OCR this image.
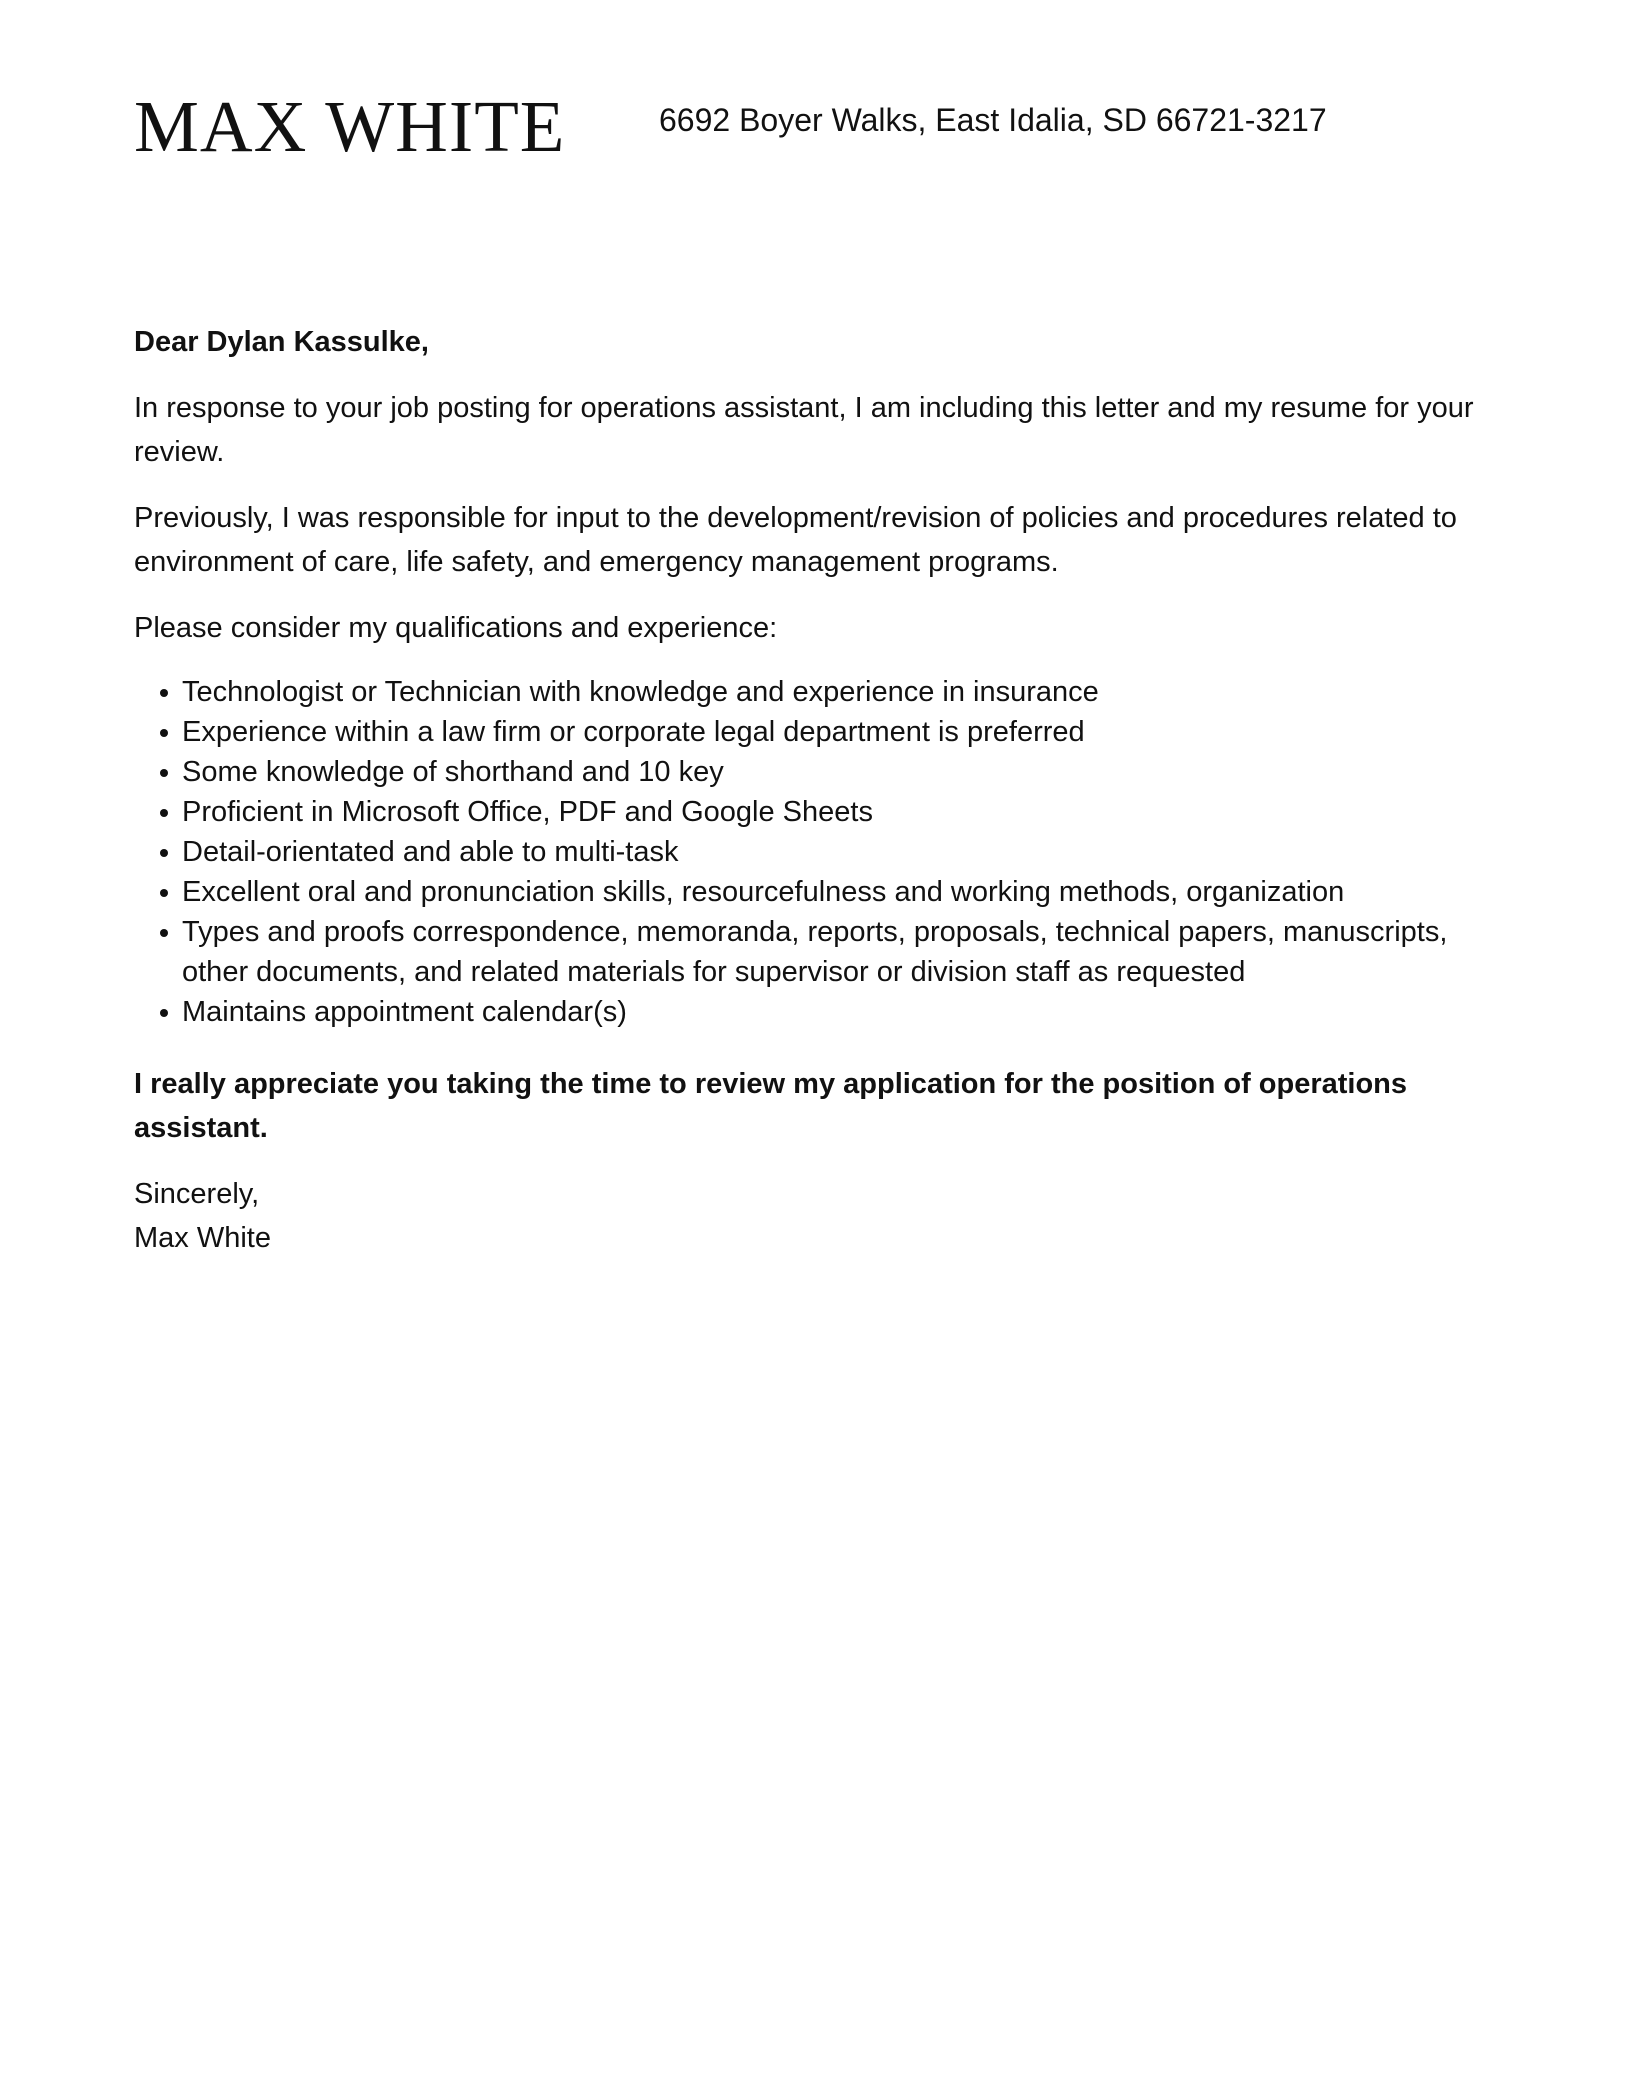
MAX WHITE	6692 Boyer Walks, East Idalia, SD 66721-3217

Dear Dylan Kassulke,

In response to your job posting for operations assistant, I am including this letter and my resume for your review.

Previously, I was responsible for input to the development/revision of policies and procedures related to environment of care, life safety, and emergency management programs.

Please consider my qualifications and experience:

Technologist or Technician with knowledge and experience in insurance
Experience within a law firm or corporate legal department is preferred
Some knowledge of shorthand and 10 key
Proficient in Microsoft Office, PDF and Google Sheets
Detail-orientated and able to multi-task
Excellent oral and pronunciation skills, resourcefulness and working methods, organization
Types and proofs correspondence, memoranda, reports, proposals, technical papers, manuscripts, other documents, and related materials for supervisor or division staff as requested
Maintains appointment calendar(s)

I really appreciate you taking the time to review my application for the position of operations assistant.

Sincerely,
Max White
